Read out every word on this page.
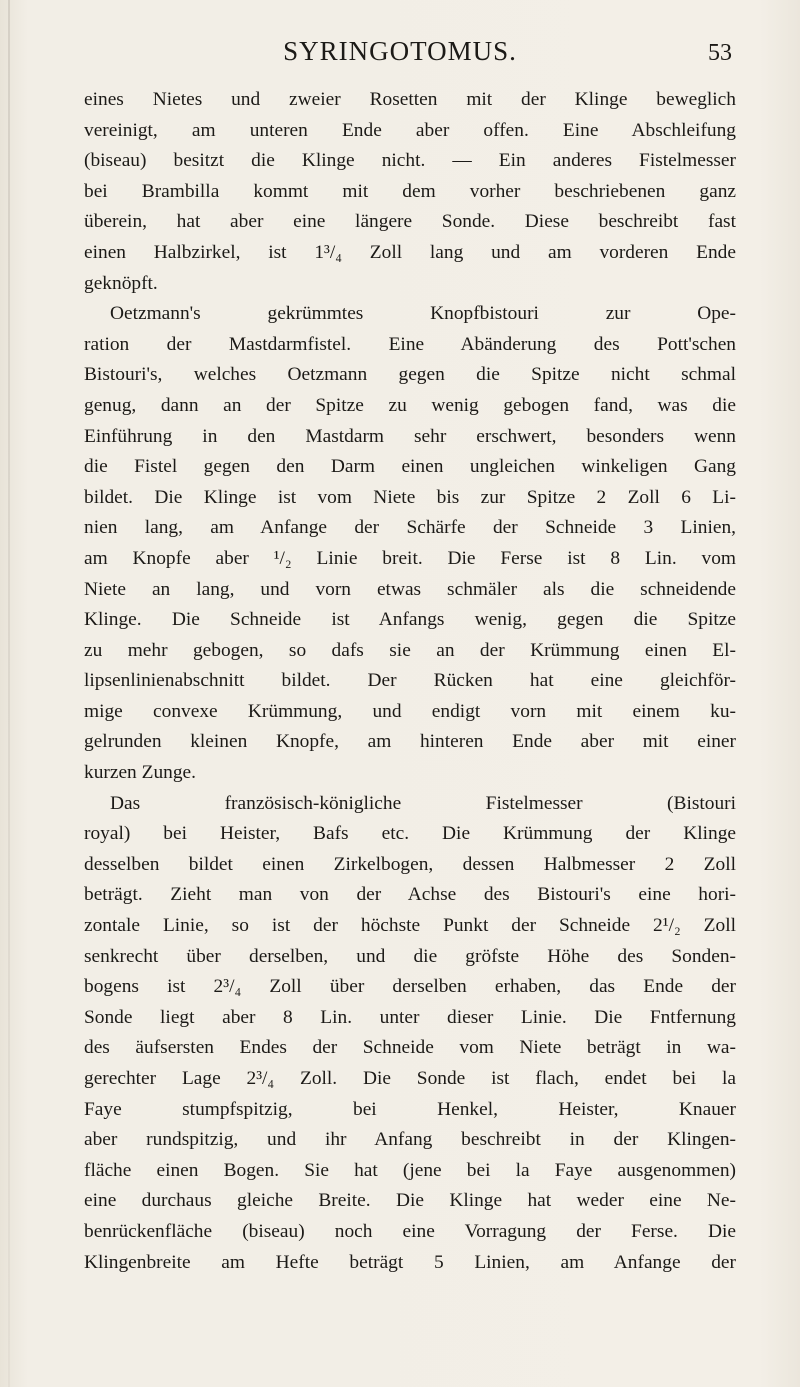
SYRINGOTOMUS.	53
eines Nietes und zweier Rosetten mit der Klinge beweglich
vereinigt, am unteren Ende aber offen. Eine Abschleifung
(biseau) besitzt die Klinge nicht. — Ein anderes Fistelmesser
bei Brambilla kommt mit dem vorher beschriebenen ganz
überein, hat aber eine längere Sonde. Diese beschreibt fast
einen Halbzirkel, ist 1³/₄ Zoll lang und am vorderen Ende
geknöpft.
Oetzmann's gekrümmtes Knopfbistouri zur Ope-
ration der Mastdarmfistel. Eine Abänderung des Pott'schen
Bistouri's, welches Oetzmann gegen die Spitze nicht schmal
genug, dann an der Spitze zu wenig gebogen fand, was die
Einführung in den Mastdarm sehr erschwert, besonders wenn
die Fistel gegen den Darm einen ungleichen winkeligen Gang
bildet. Die Klinge ist vom Niete bis zur Spitze 2 Zoll 6 Li-
nien lang, am Anfange der Schärfe der Schneide 3 Linien,
am Knopfe aber ¹/₂ Linie breit. Die Ferse ist 8 Lin. vom
Niete an lang, und vorn etwas schmäler als die schneidende
Klinge. Die Schneide ist Anfangs wenig, gegen die Spitze
zu mehr gebogen, so dafs sie an der Krümmung einen El-
lipsenlinienabschnitt bildet. Der Rücken hat eine gleichför-
mige convexe Krümmung, und endigt vorn mit einem ku-
gelrunden kleinen Knopfe, am hinteren Ende aber mit einer
kurzen Zunge.
Das französisch-königliche Fistelmesser (Bistouri
royal) bei Heister, Bafs etc. Die Krümmung der Klinge
desselben bildet einen Zirkelbogen, dessen Halbmesser 2 Zoll
beträgt. Zieht man von der Achse des Bistouri's eine hori-
zontale Linie, so ist der höchste Punkt der Schneide 2¹/₂ Zoll
senkrecht über derselben, und die gröfste Höhe des Sonden-
bogens ist 2³/₄ Zoll über derselben erhaben, das Ende der
Sonde liegt aber 8 Lin. unter dieser Linie. Die Fntfernung
des äufsersten Endes der Schneide vom Niete beträgt in wa-
gerechter Lage 2³/₄ Zoll. Die Sonde ist flach, endet bei la
Faye stumpfspitzig, bei Henkel, Heister, Knauer
aber rundspitzig, und ihr Anfang beschreibt in der Klingen-
fläche einen Bogen. Sie hat (jene bei la Faye ausgenommen)
eine durchaus gleiche Breite. Die Klinge hat weder eine Ne-
benrückenfläche (biseau) noch eine Vorragung der Ferse. Die
Klingenbreite am Hefte beträgt 5 Linien, am Anfange der
